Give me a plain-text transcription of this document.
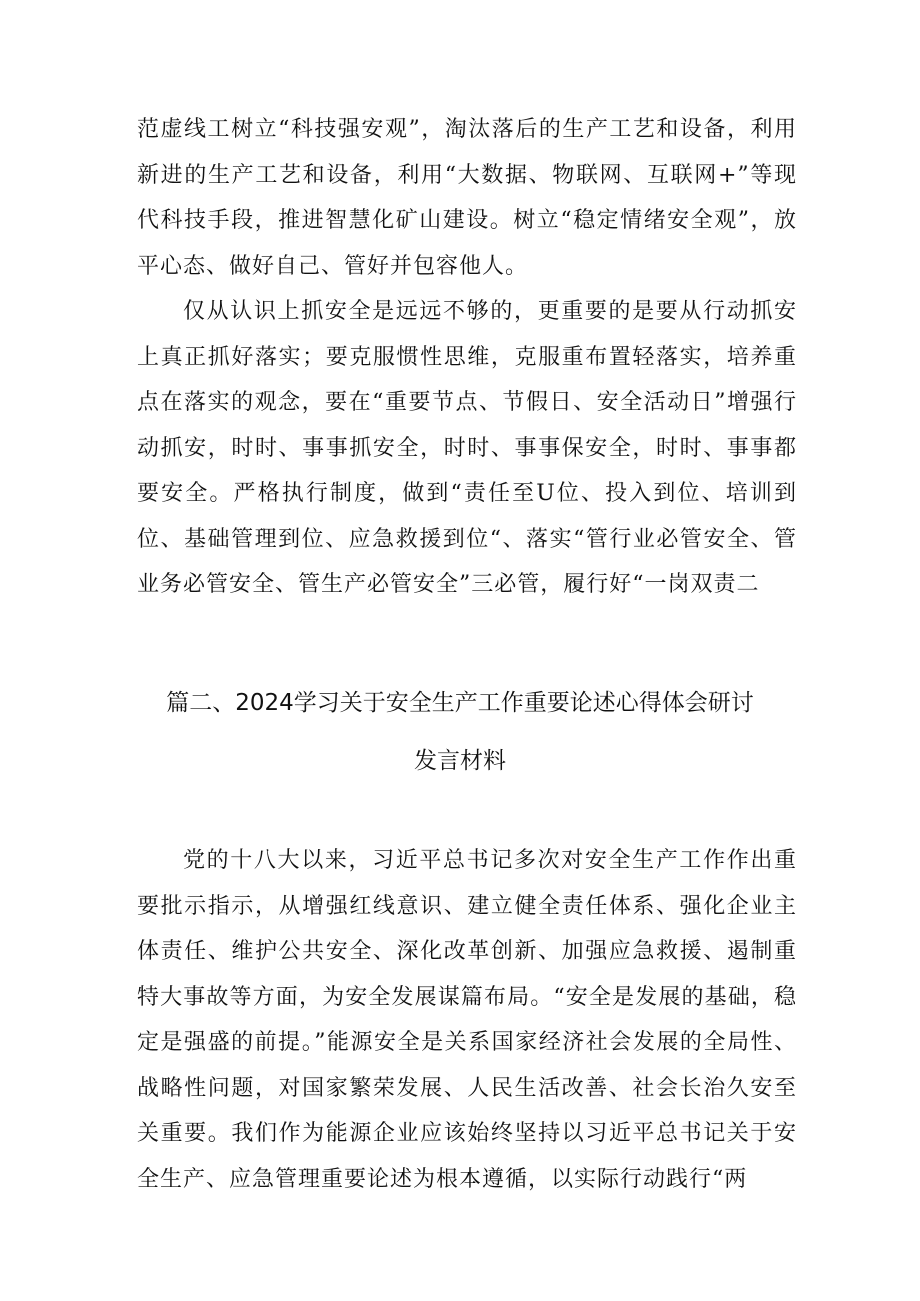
范虚线工树立“科技强安观”，淘汰落后的生产工艺和设备，利用新进的生产工艺和设备，利用“大数据、物联网、互联网+”等现代科技手段，推进智慧化矿山建设。树立“稳定情绪安全观”，放平心态、做好自己、管好并包容他人。

仅从认识上抓安全是远远不够的，更重要的是要从行动抓安上真正抓好落实；要克服惯性思维，克服重布置轻落实，培养重点在落实的观念，要在“重要节点、节假日、安全活动日”增强行动抓安，时时、事事抓安全，时时、事事保安全，时时、事事都要安全。严格执行制度，做到“责任至U位、投入到位、培训到位、基础管理到位、应急救援到位“、落实“管行业必管安全、管业务必管安全、管生产必管安全”三必管，履行好“一岗双责二

篇二、2024学习关于安全生产工作重要论述心得体会研讨
发言材料

党的十八大以来，习近平总书记多次对安全生产工作作出重要批示指示，从增强红线意识、建立健全责任体系、强化企业主体责任、维护公共安全、深化改革创新、加强应急救援、遏制重特大事故等方面，为安全发展谋篇布局。“安全是发展的基础，稳定是强盛的前提。”能源安全是关系国家经济社会发展的全局性、战略性问题，对国家繁荣发展、人民生活改善、社会长治久安至关重要。我们作为能源企业应该始终坚持以习近平总书记关于安全生产、应急管理重要论述为根本遵循，以实际行动践行“两
